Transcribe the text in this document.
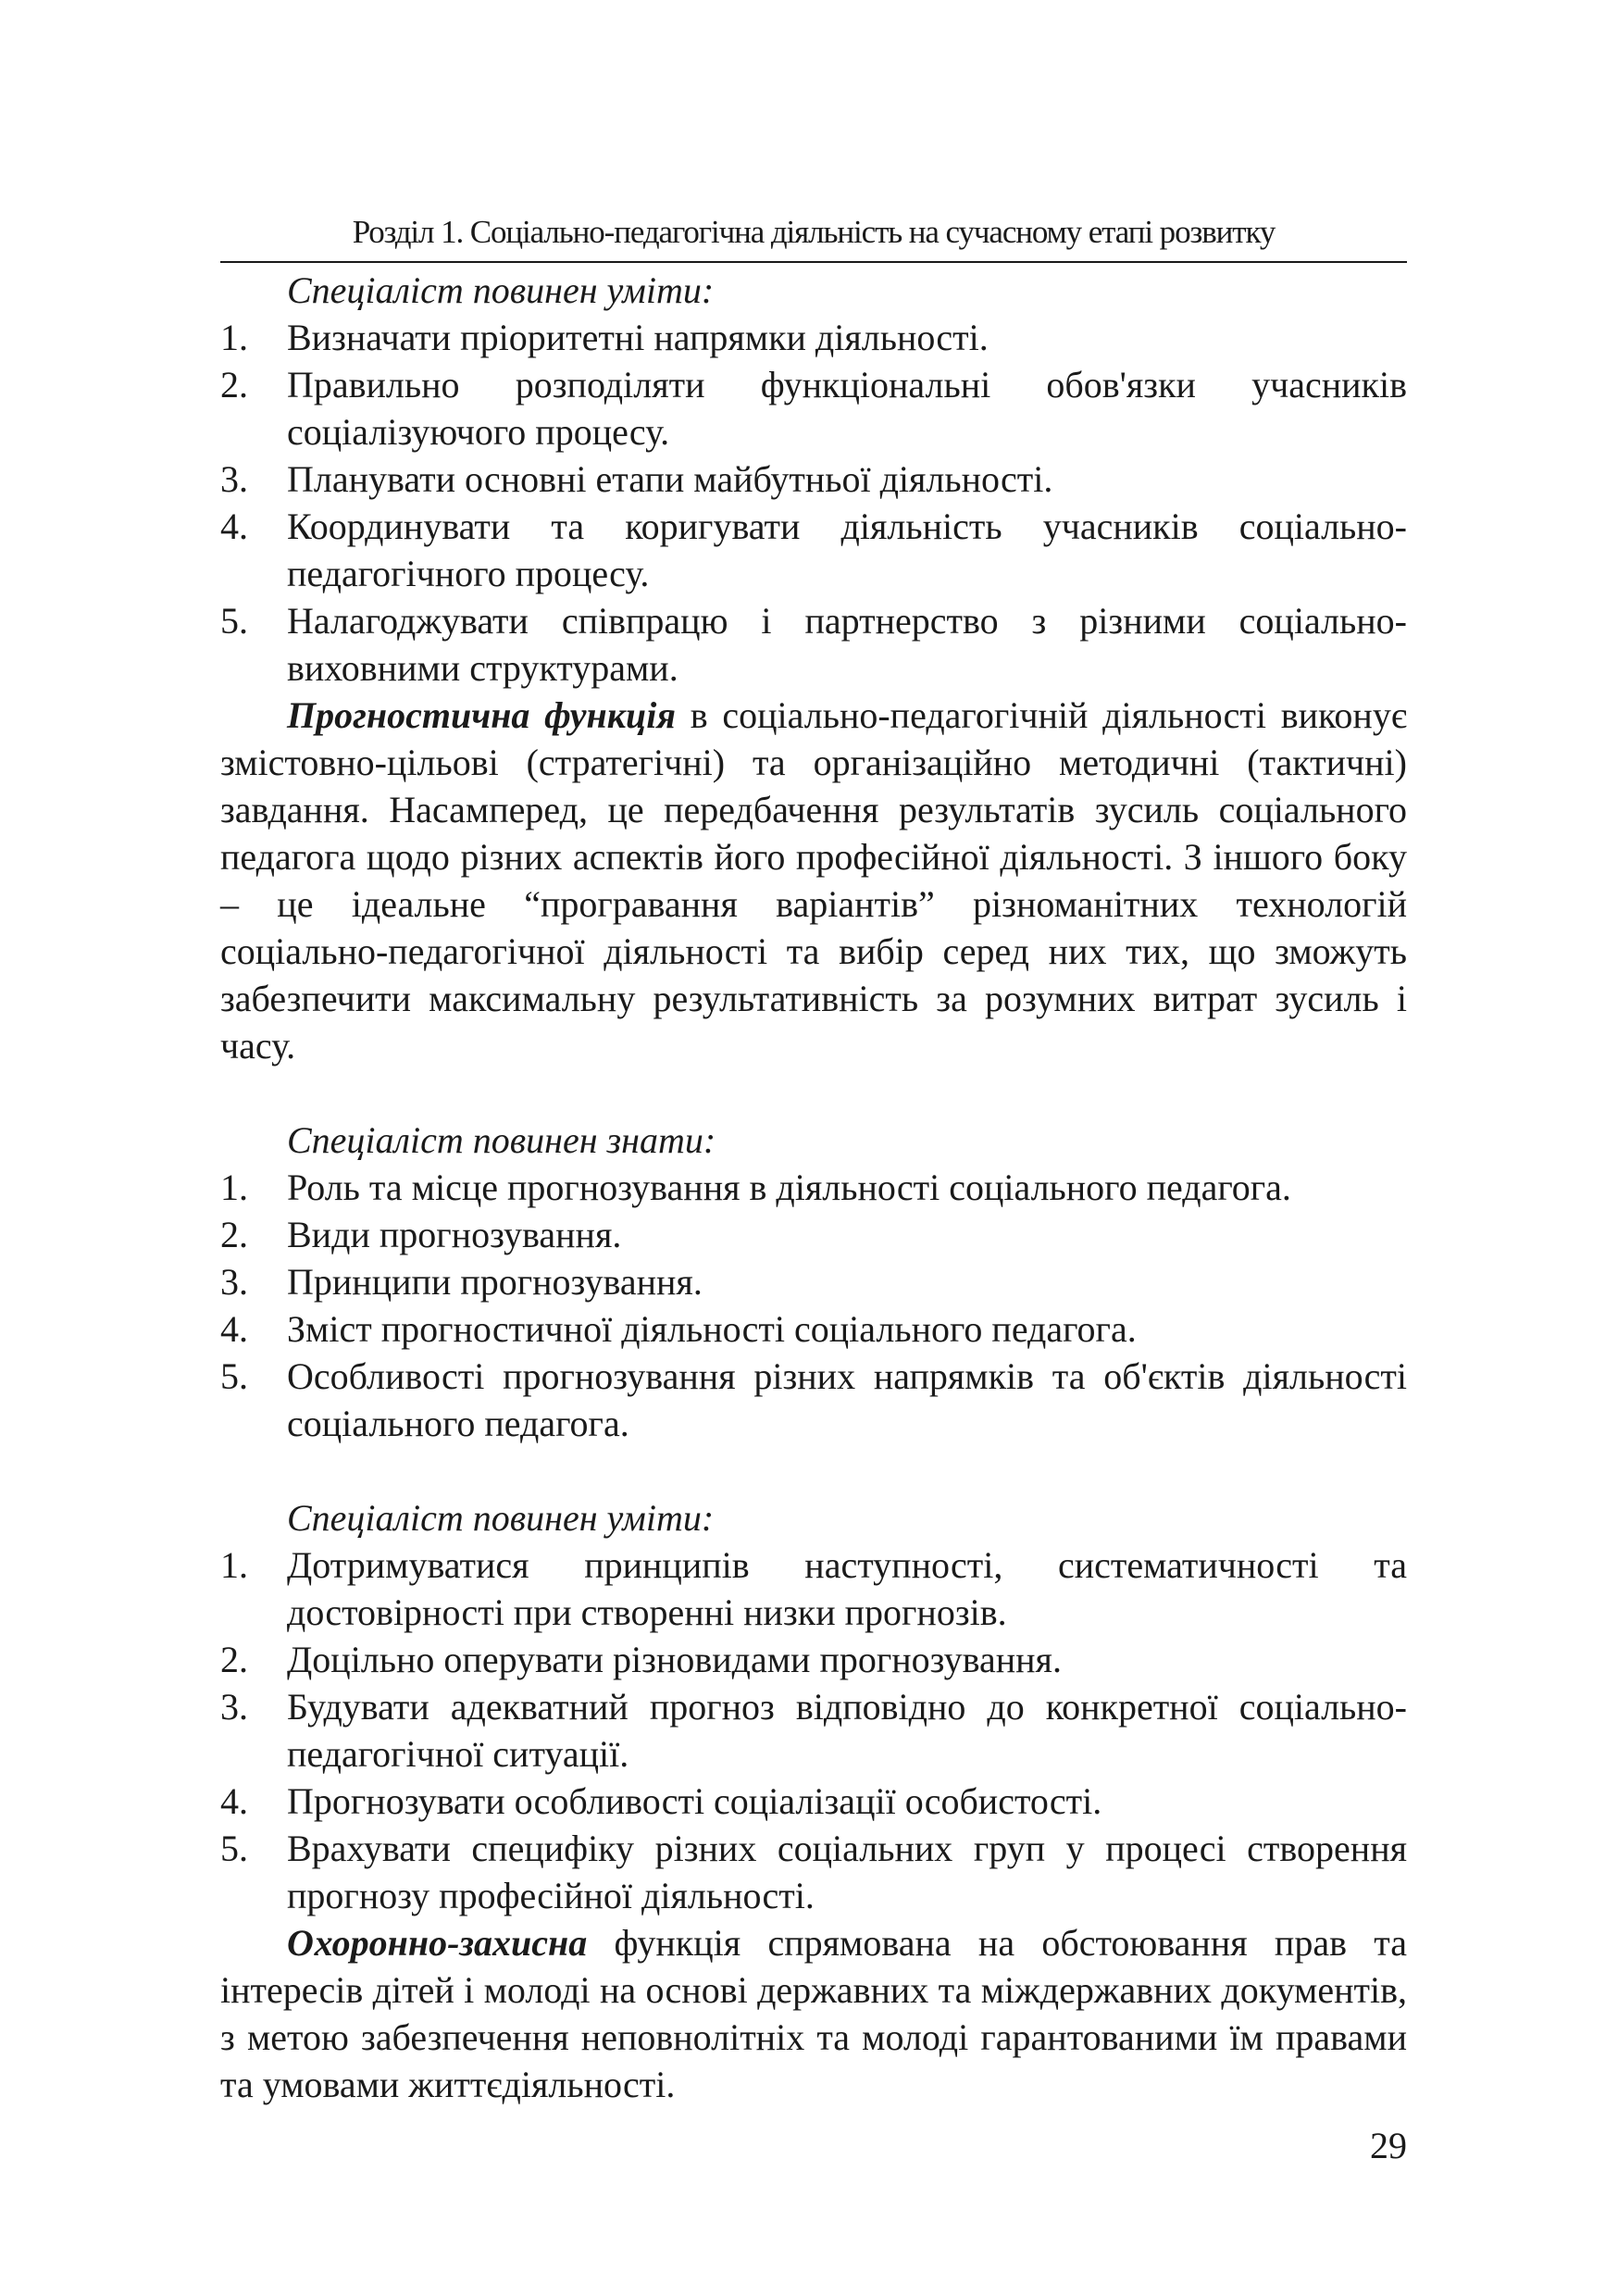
Розділ 1. Соціально-педагогічна діяльність на сучасному етапі розвитку

Спеціаліст повинен уміти:

1.	Визначати пріоритетні напрямки діяльності.
2.	Правильно розподіляти функціональні обов'язки учасників соціалізуючого процесу.
3.	Планувати основні етапи майбутньої діяльності.
4.	Координувати та коригувати діяльність учасників соціально-педагогічного процесу.
5.	Налагоджувати співпрацю і партнерство з різними соціально-виховними структурами.

Прогностична функція в соціально-педагогічній діяльності виконує змістовно-цільові (стратегічні) та організаційно методичні (тактичні) завдання. Насамперед, це передбачення результатів зусиль соціального педагога щодо різних аспектів його професійної діяльності. З іншого боку – це ідеальне “програвання варіантів” різноманітних технологій соціально-педагогічної діяльності та вибір серед них тих, що зможуть забезпечити максимальну результативність за розумних витрат зусиль і часу.

Спеціаліст повинен знати:

1.	Роль та місце прогнозування в діяльності соціального педагога.
2.	Види прогнозування.
3.	Принципи прогнозування.
4.	Зміст прогностичної діяльності соціального педагога.
5.	Особливості прогнозування різних напрямків та об'єктів діяльності соціального педагога.

Спеціаліст повинен уміти:

1.	Дотримуватися принципів наступності, систематичності та достовірності при створенні низки прогнозів.
2.	Доцільно оперувати різновидами прогнозування.
3.	Будувати адекватний прогноз відповідно до конкретної соціально-педагогічної ситуації.
4.	Прогнозувати особливості соціалізації особистості.
5.	Врахувати специфіку різних соціальних груп у процесі створення прогнозу професійної діяльності.

Охоронно-захисна функція спрямована на обстоювання прав та інтересів дітей і молоді на основі державних та міждержавних документів, з метою забезпечення неповнолітніх та молоді гарантованими їм правами та умовами життєдіяльності.

29
